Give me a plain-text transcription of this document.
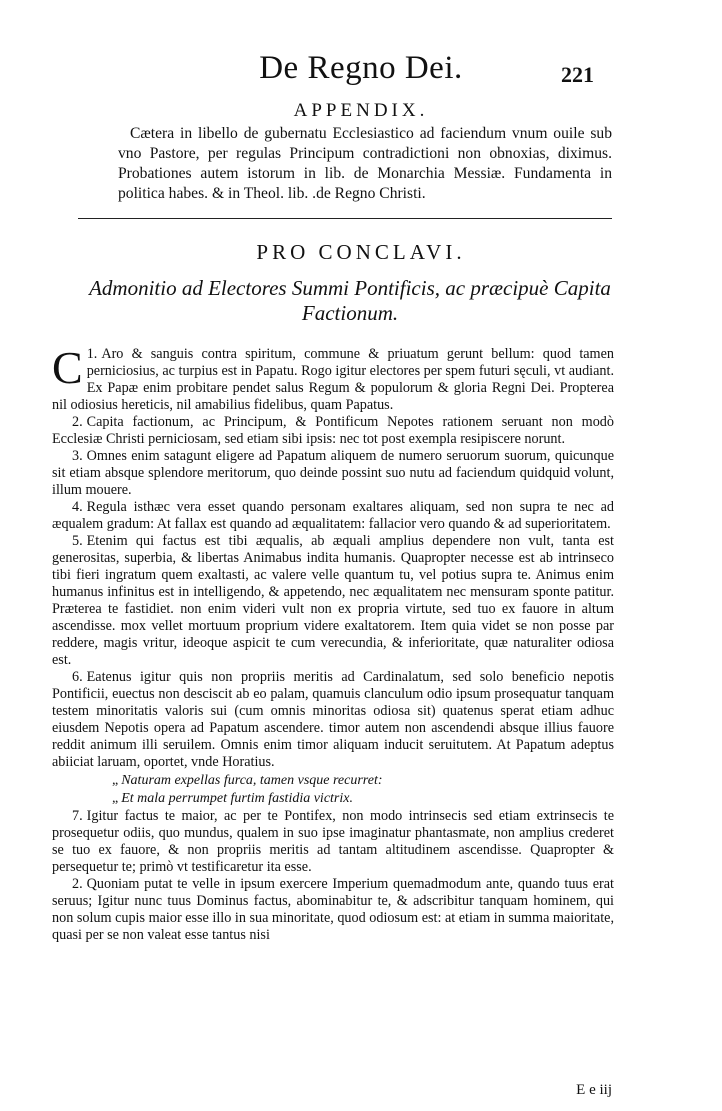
De Regno Dei.	221
APPENDIX.
Cætera in libello de gubernatu Ecclesiastico ad faciendum vnum ouile sub vno Pastore, per regulas Principum contradictioni non obnoxias, diximus. Probationes autem istorum in lib. de Monarchia Messiæ. Fundamenta in politica habes. & in Theol. lib. .de Regno Christi.
PRO CONCLAVI.
Admonitio ad Electores Summi Pontificis, ac præcipuè Capita Factionum.

1.
C Aro & sanguis contra spiritum, commune & priuatum gerunt bellum: quod tamen perniciosius, ac turpius est in Papatu. Rogo igitur electores per spem futuri sęculi, vt audiant. Ex Papæ enim probitare pendet salus Regum & populorum & gloria Regni Dei. Propterea nil odiosius hereticis, nil amabilius fidelibus, quam Papatus.

2. Capita factionum, ac Principum, & Pontificum Nepotes rationem seruant non modò Ecclesiæ Christi perniciosam, sed etiam sibi ipsis: nec tot post exempla resipiscere norunt.

3. Omnes enim satagunt eligere ad Papatum aliquem de numero seruorum suorum, quicunque sit etiam absque splendore meritorum, quo deinde possint suo nutu ad faciendum quidquid volunt, illum mouere.

4. Regula isthæc vera esset quando personam exaltares aliquam, sed non supra te nec ad æqualem gradum: At fallax est quando ad æqualitatem: fallacior vero quando & ad superioritatem.

5. Etenim qui factus est tibi æqualis, ab æquali amplius dependere non vult, tanta est generositas, superbia, & libertas Animabus indita humanis. Quapropter necesse est ab intrinseco tibi fieri ingratum quem exaltasti, ac valere velle quantum tu, vel potius supra te. Animus enim humanus infinitus est in intelligendo, & appetendo, nec æqualitatem nec mensuram sponte patitur. Præterea te fastidiet. non enim videri vult non ex propria virtute, sed tuo ex fauore in altum ascendisse. mox vellet mortuum proprium videre exaltatorem. Item quia videt se non posse par reddere, magis vritur, ideoque aspicit te cum verecundia, & inferioritate, quæ naturaliter odiosa est.

6. Eatenus igitur quis non propriis meritis ad Cardinalatum, sed solo beneficio nepotis Pontificii, euectus non desciscit ab eo palam, quamuis clanculum odio ipsum prosequatur tanquam testem minoritatis valoris sui (cum omnis minoritas odiosa sit) quatenus sperat etiam adhuc eiusdem Nepotis opera ad Papatum ascendere. timor autem non ascendendi absque illius fauore reddit animum illi seruilem. Omnis enim timor aliquam inducit seruitutem. At Papatum adeptus abiiciat laruam, oportet, vnde Horatius.

„ Naturam expellas furca, tamen vsque recurret:
„ Et mala perrumpet furtim fastidia victrix.

7. Igitur factus te maior, ac per te Pontifex, non modo intrinsecis sed etiam extrinsecis te prosequetur odiis, quo mundus, qualem in suo ipse imaginatur phantasmate, non amplius crederet se tuo ex fauore, & non propriis meritis ad tantam altitudinem ascendisse. Quapropter & persequetur te; primò vt testificaretur ita esse.

2. Quoniam putat te velle in ipsum exercere Imperium quemadmodum ante, quando tuus erat seruus; Igitur nunc tuus Dominus factus, abominabitur te, & adscribitur tanquam hominem, qui non solum cupis maior esse illo in sua minoritate, quod odiosum est: at etiam in summa maioritate, quasi per se non valeat esse tantus nisi

E e iij
